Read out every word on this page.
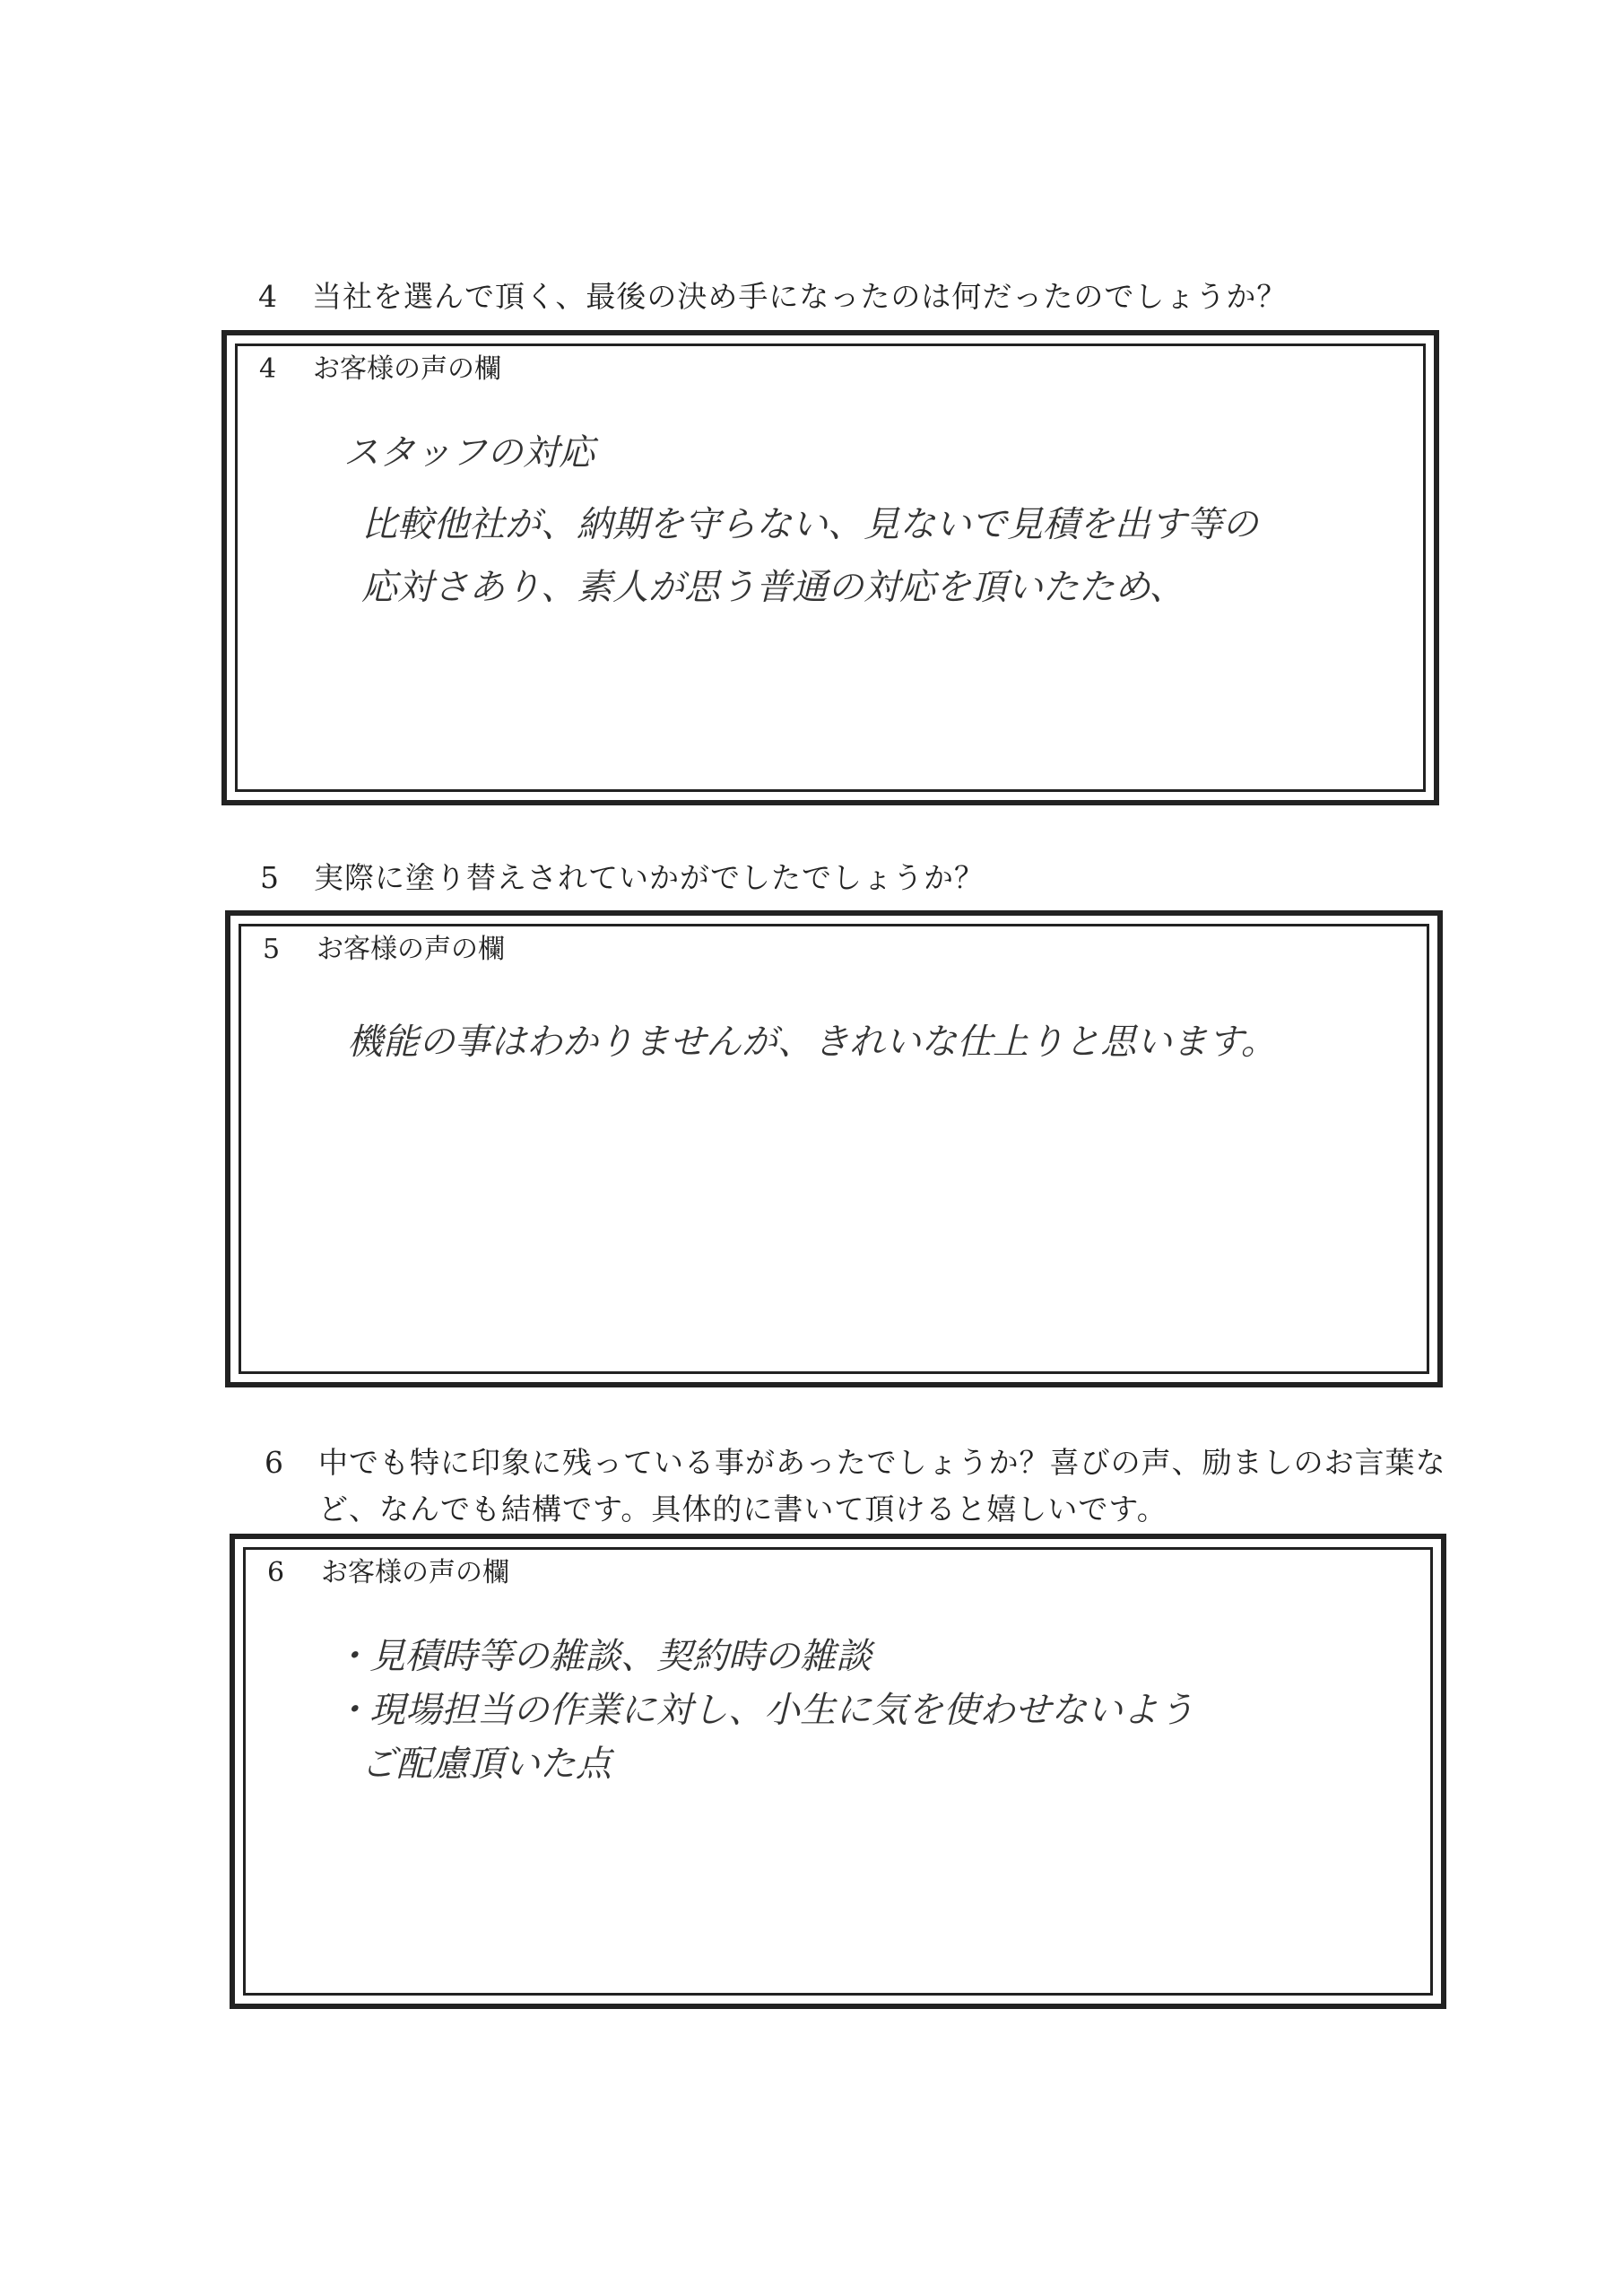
4	当社を選んで頂く、最後の決め手になったのは何だったのでしょうか？
4 お客様の声の欄
スタッフの対応
比較他社が、納期を守らない、見ないで見積を出す等の
応対さあり、素人が思う普通の対応を頂いたため、
5	実際に塗り替えされていかがでしたでしょうか？
5 お客様の声の欄
機能の事はわかりませんが、きれいな仕上りと思います。
6	中でも特に印象に残っている事があったでしょうか？喜びの声、励ましのお言葉な
ど、なんでも結構です。具体的に書いて頂けると嬉しいです。
6 お客様の声の欄
・見積時等の雑談、契約時の雑談
・現場担当の作業に対し、小生に気を使わせないよう
ご配慮頂いた点
